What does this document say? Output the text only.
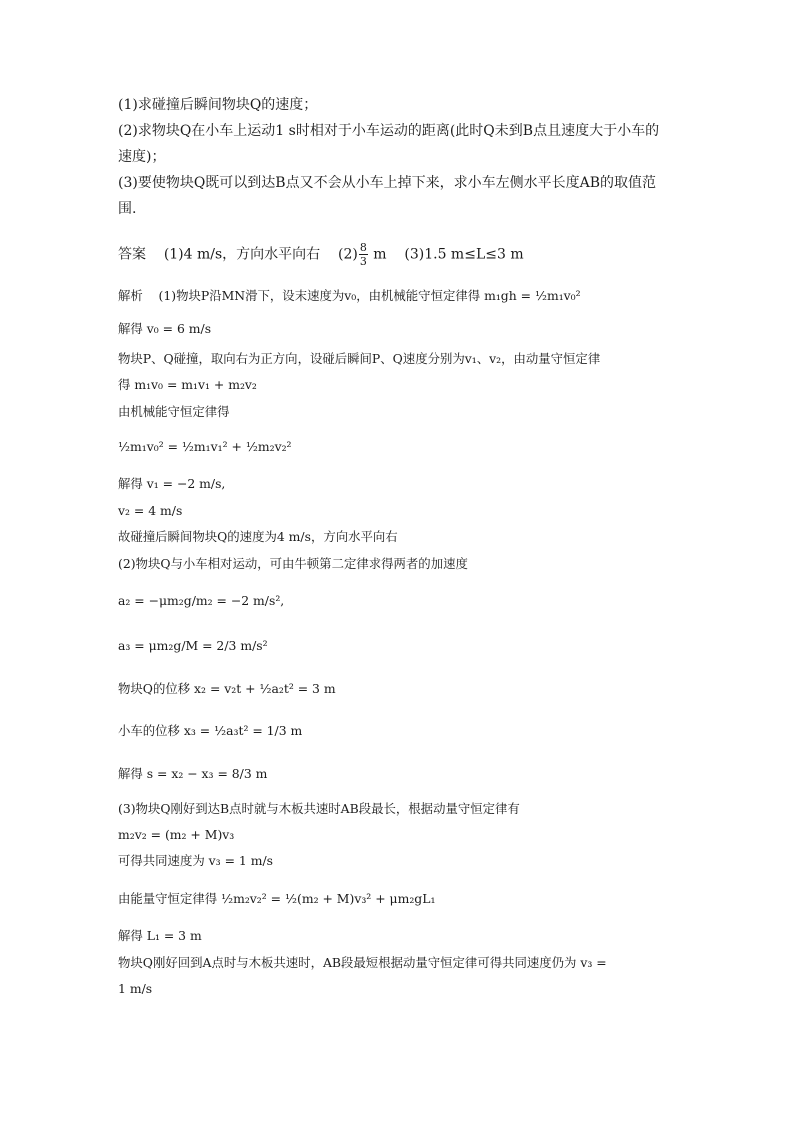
(1)求碰撞后瞬间物块Q的速度；
(2)求物块Q在小车上运动1 s时相对于小车运动的距离(此时Q未到B点且速度大于小车的
速度)；
(3)要使物块Q既可以到达B点又不会从小车上掉下来，求小车左侧水平长度AB的取值范
围.
答案 (1)4 m/s，方向水平向右 $(2) \frac{8}{3}$ m (3)1.5 m≤L≤3 m
解析 (1)物块P沿MN滑下，设末速度为v₀，由机械能守恒定律得 m₁gh = ½m₁v₀²
解得 v₀ = 6 m/s
物块P、Q碰撞，取向右为正方向，设碰后瞬间P、Q速度分别为v₁、v₂，由动量守恒定律
得 m₁v₀ = m₁v₁ + m₂v₂
由机械能守恒定律得
½m₁v₀² = ½m₁v₁² + ½m₂v₂²
解得 v₁ = −2 m/s,
v₂ = 4 m/s
故碰撞后瞬间物块Q的速度为4 m/s，方向水平向右
(2)物块Q与小车相对运动，可由牛顿第二定律求得两者的加速度
a₂ = −μm₂g/m₂ = −2 m/s²,
a₃ = μm₂g/M = 2/3 m/s²
物块Q的位移 x₂ = v₂t + ½a₂t² = 3 m
小车的位移 x₃ = ½a₃t² = 1/3 m
解得 s = x₂ − x₃ = 8/3 m
(3)物块Q刚好到达B点时就与木板共速时AB段最长，根据动量守恒定律有
m₂v₂ = (m₂ + M)v₃
可得共同速度为 v₃ = 1 m/s
由能量守恒定律得 ½m₂v₂² = ½(m₂ + M)v₃² + μm₂gL₁
解得 L₁ = 3 m
物块Q刚好回到A点时与木板共速时，AB段最短根据动量守恒定律可得共同速度仍为 v₃ =
1 m/s
